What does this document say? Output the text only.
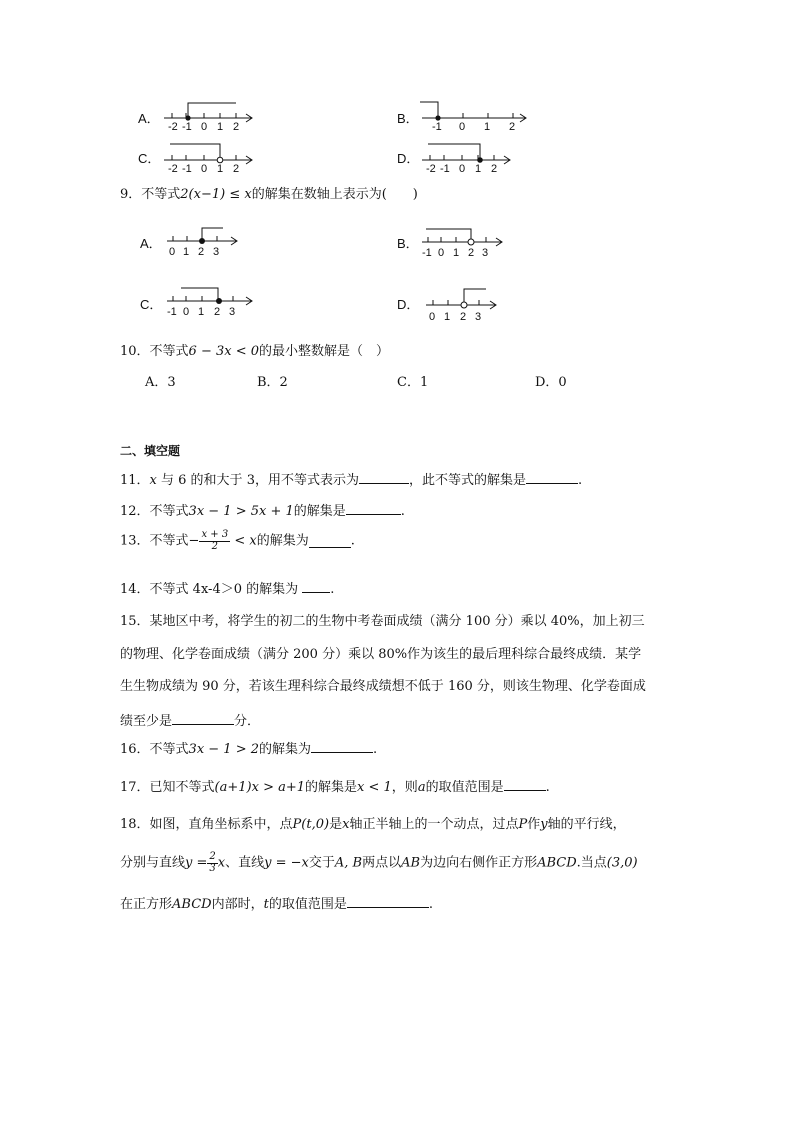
A．
-2 -1 0 1 2
B．
-1 0 1 2
C．
-2 -1 0 1 2
D．
-2 -1 0 1 2
9．不等式2(x−1) ≤ x的解集在数轴上表示为(　　)
A．
0 1 2 3
B．
-1 0 1 2 3
C． -1 0 1 2 3	D．
0 1 2 3
10．不等式6 − 3x < 0的最小整数解是（　）
A．3	B．2	C．1	D．0
二、填空题
11．x 与 6 的和大于 3，用不等式表示为	，此不等式的解集是	.
12．不等式3x − 1 > 5x + 1的解集是	.
13．不等式− $\frac{x + 3}{2} < x$的解集为	.
14．不等式 4x-4＞0 的解集为 .
15．某地区中考，将学生的初二的生物中考卷面成绩（满分 100 分）乘以 40%，加上初三
的物理、化学卷面成绩（满分 200 分）乘以 80%作为该生的最后理科综合最终成绩．某学
生生物成绩为 90 分，若该生理科综合最终成绩想不低于 160 分，则该生物理、化学卷面成
绩至少是	分．
16．不等式3x − 1 > 2的解集为	.
17．已知不等式(a+1)x > a+1的解集是x < 1，则a的取值范围是	.
18．如图，直角坐标系中，点P(t,0)是x轴正半轴上的一个动点，过点P作y轴的平行线，
分别与直线$y = \frac{2}{3}$ x、直线y = −x交于A, B两点以AB为边向右侧作正方形ABCD.当点(3,0)
在正方形ABCD内部时，t的取值范围是	.
